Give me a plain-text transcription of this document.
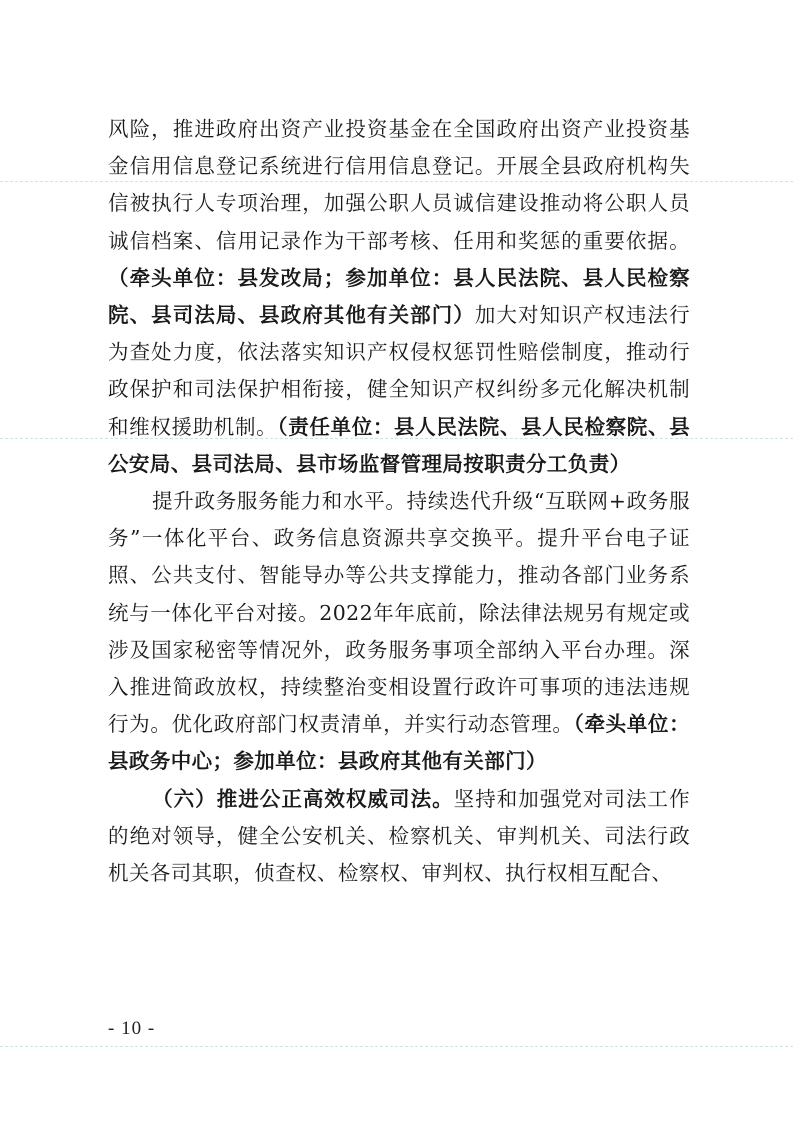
风险，推进政府出资产业投资基金在全国政府出资产业投资基金信用信息登记系统进行信用信息登记。开展全县政府机构失信被执行人专项治理，加强公职人员诚信建设推动将公职人员诚信档案、信用记录作为干部考核、任用和奖惩的重要依据。（牵头单位：县发改局；参加单位：县人民法院、县人民检察院、县司法局、县政府其他有关部门）加大对知识产权违法行为查处力度，依法落实知识产权侵权惩罚性赔偿制度，推动行政保护和司法保护相衔接，健全知识产权纠纷多元化解决机制和维权援助机制。（责任单位：县人民法院、县人民检察院、县公安局、县司法局、县市场监督管理局按职责分工负责）

提升政务服务能力和水平。持续迭代升级“互联网+政务服务”一体化平台、政务信息资源共享交换平。提升平台电子证照、公共支付、智能导办等公共支撑能力，推动各部门业务系统与一体化平台对接。2022年年底前，除法律法规另有规定或涉及国家秘密等情况外，政务服务事项全部纳入平台办理。深入推进简政放权，持续整治变相设置行政许可事项的违法违规行为。优化政府部门权责清单，并实行动态管理。（牵头单位：县政务中心；参加单位：县政府其他有关部门）

（六）推进公正高效权威司法。坚持和加强党对司法工作的绝对领导，健全公安机关、检察机关、审判机关、司法行政机关各司其职，侦查权、检察权、审判权、执行权相互配合、

- 10 -
